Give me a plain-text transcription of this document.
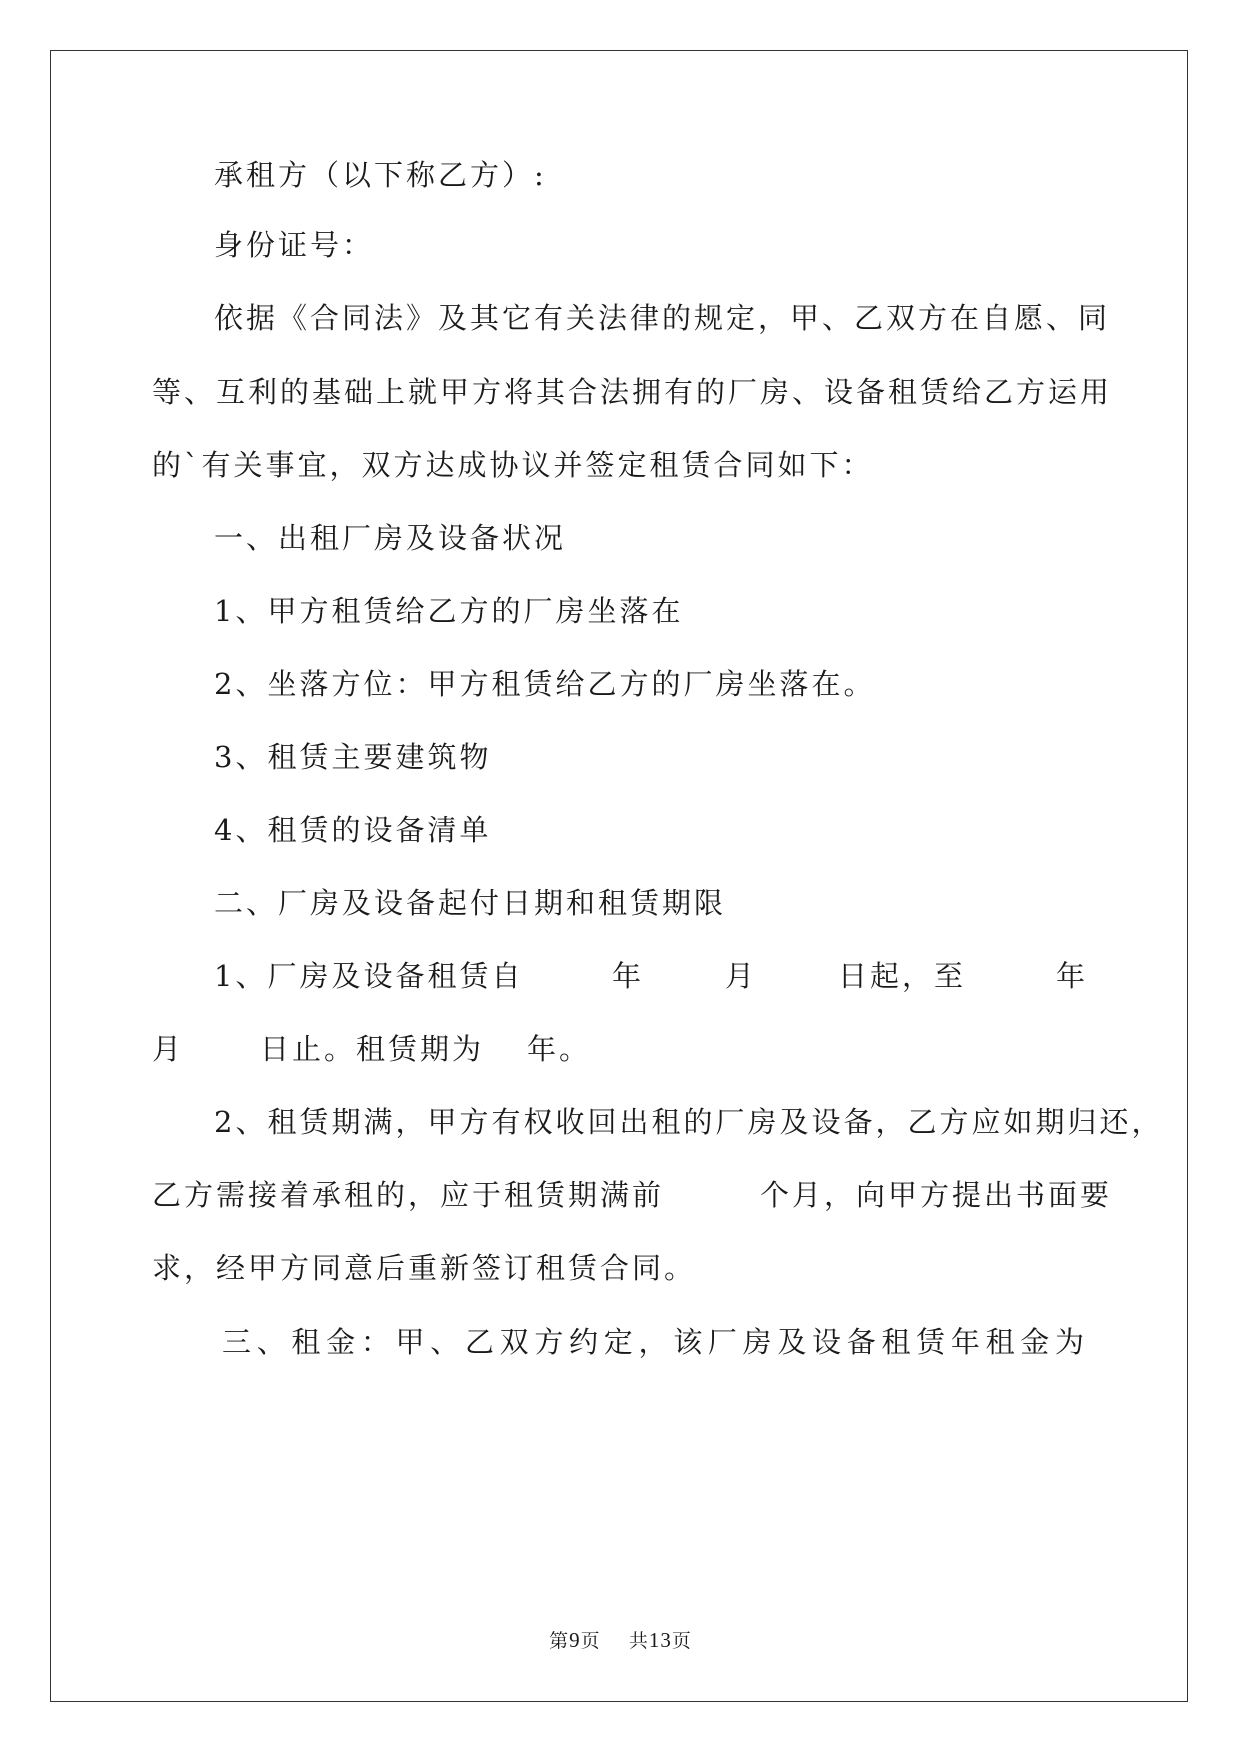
承租方（以下称乙方）:
身份证号：
依据《合同法》及其它有关法律的规定，甲、乙双方在自愿、同
等、互利的基础上就甲方将其合法拥有的厂房、设备租赁给乙方运用
的`有关事宜，双方达成协议并签定租赁合同如下：
一、出租厂房及设备状况
1、甲方租赁给乙方的厂房坐落在
2、坐落方位：甲方租赁给乙方的厂房坐落在。
3、租赁主要建筑物
4、租赁的设备清单
二、厂房及设备起付日期和租赁期限
1、厂房及设备租赁自	年	月	日起，至	年
月	日止。租赁期为 年。
2、租赁期满，甲方有权收回出租的厂房及设备，乙方应如期归还，
乙方需接着承租的，应于租赁期满前　　　个月，向甲方提出书面要
求，经甲方同意后重新签订租赁合同。
三、租金：甲、乙双方约定，该厂房及设备租赁年租金为
第9页 共13页
